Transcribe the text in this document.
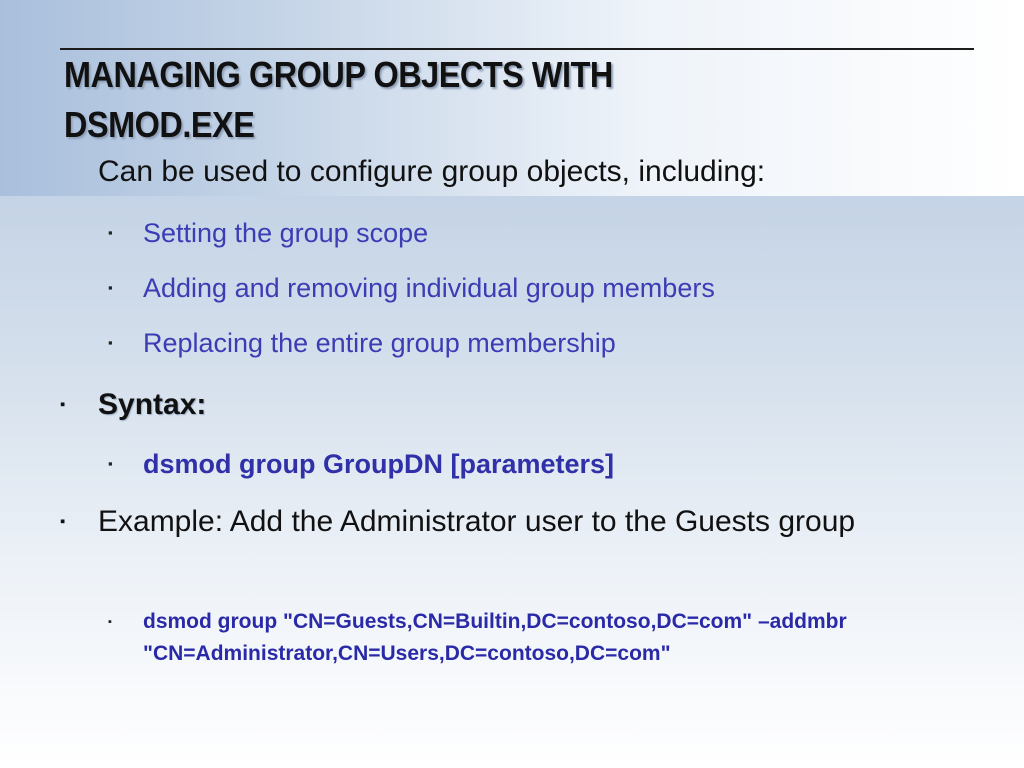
MANAGING GROUP OBJECTS WITH DSMOD.EXE
Can be used to configure group objects, including:
▪ Setting the group scope
▪ Adding and removing individual group members
▪ Replacing the entire group membership
▪	Syntax:
▪ dsmod group GroupDN [parameters]
▪	Example: Add the Administrator user to the Guests group
▪	dsmod group "CN=Guests,CN=Builtin,DC=contoso,DC=com" –addmbr "CN=Administrator,CN=Users,DC=contoso,DC=com"
